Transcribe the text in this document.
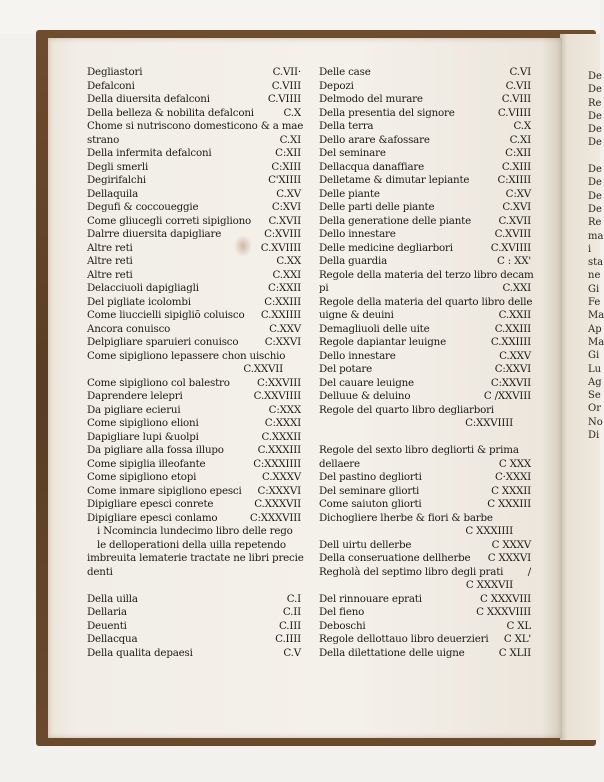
De
De
Re
De
De
De
De
De
De
De
Re
ma
i
sta
ne
Gi
Fe
Ma
Ap
Ma
Gi
Lu
Ag
Se
Or
No
Di
Degliastori	C.VII·
Defalconi	C.VIII
Della diuersita defalconi	C.VIIII
Della belleza & nobilita defalconi	C.X
Chome si nutriscono domesticono & a mae
strano	C.XI
Della infermita defalconi	C:XII
Degli smerli	C:XIII
Degirifalchi	C'XIIII
Dellaquila	C.XV
Degufi & coccoueggie	C:XVI
Come gliucegli correti sipigliono	C.XVII
Dalrre diuersita dapigliare	C:XVIII
Altre reti	C.XVIIII
Altre reti	C.XX
Altre reti	C.XXI
Delacciuoli dapigliagli	C:XXII
Del pigliate icolombi	C:XXIII
Come liuccielli sipigliõ coluisco	C.XXIIII
Ancora conuisco	C.XXV
Delpigliare sparuieri conuisco	C:XXVI
Come sipigliono lepassere chon uischio
C.XXVII
Come sipigliono col balestro	C:XXVIII
Daprendere lelepri	C.XXVIIII
Da pigliare ecierui	C:XXX
Come sipigliono elioni	C:XXXI
Dapigliare lupi &uolpi	C.XXXII
Da pigliare alla fossa illupo	C.XXXIII
Come sipiglia illeofante	C:XXXIIII
Come sipigliono etopi	C.XXXV
Come inmare sipigliono epesci	C:XXXVI
Dipigliare epesci conrete	C.XXXVII
Dipigliare epesci conlamo	C:XXXVIII
i Ncomincia lundecimo libro delle rego
le delloperationi della uilla repetendo
imbreuita lematerie tractate ne libri precie
denti
Della uilla	C.I
Dellaria	C.II
Deuenti	C.III
Dellacqua	C.IIII
Della qualita depaesi	C.V
Delle case	C.VI
Depozi	C.VII
Delmodo del murare	C.VIII
Della presentia del signore	C.VIIII
Della terra	C.X
Dello arare &afossare	C.XI
Del seminare	C:XII
Dellacqua danaffiare	C.XIII
Delletame & dimutar lepiante	C:XIIII
Delle piante	C:XV
Delle parti delle piante	C.XVI
Della generatione delle piante	C.XVII
Dello innestare	C.XVIII
Delle medicine degliarbori	C.XVIIII
Della guardia	C : XX'
Regole della materia del terzo libro decam
pi	C.XXI
Regole della materia del quarto libro delle
uigne & deuini	C.XXII
Demagliuoli delle uite	C.XXIII
Regole dapiantar leuigne	C.XXIIII
Dello innestare	C.XXV
Del potare	C:XXVI
Del cauare leuigne	C:XXVII
Delluue & deluino	C /XXVIII
Regole del quarto libro degliarbori
C:XXVIIII
Regole del sexto libro degliorti & prima
dellaere	C XXX
Del pastino degliorti	C·XXXI
Del seminare gliorti	C XXXII
Come saiuton gliorti	C XXXIII
Dichogliere lherbe & fiori & barbe
C XXXIIII
Dell uirtu dellerbe	C XXXV
Della conseruatione dellherbe	C XXXVI
Regholà del septimo libro degli prati	/
C XXXVII
Del rinnouare eprati	C XXXVIII
Del fieno	C XXXVIIII
Deboschi	C XL
Regole dellottauo libro deuerzieri	C XL'
Della dilettatione delle uigne	C XLII
